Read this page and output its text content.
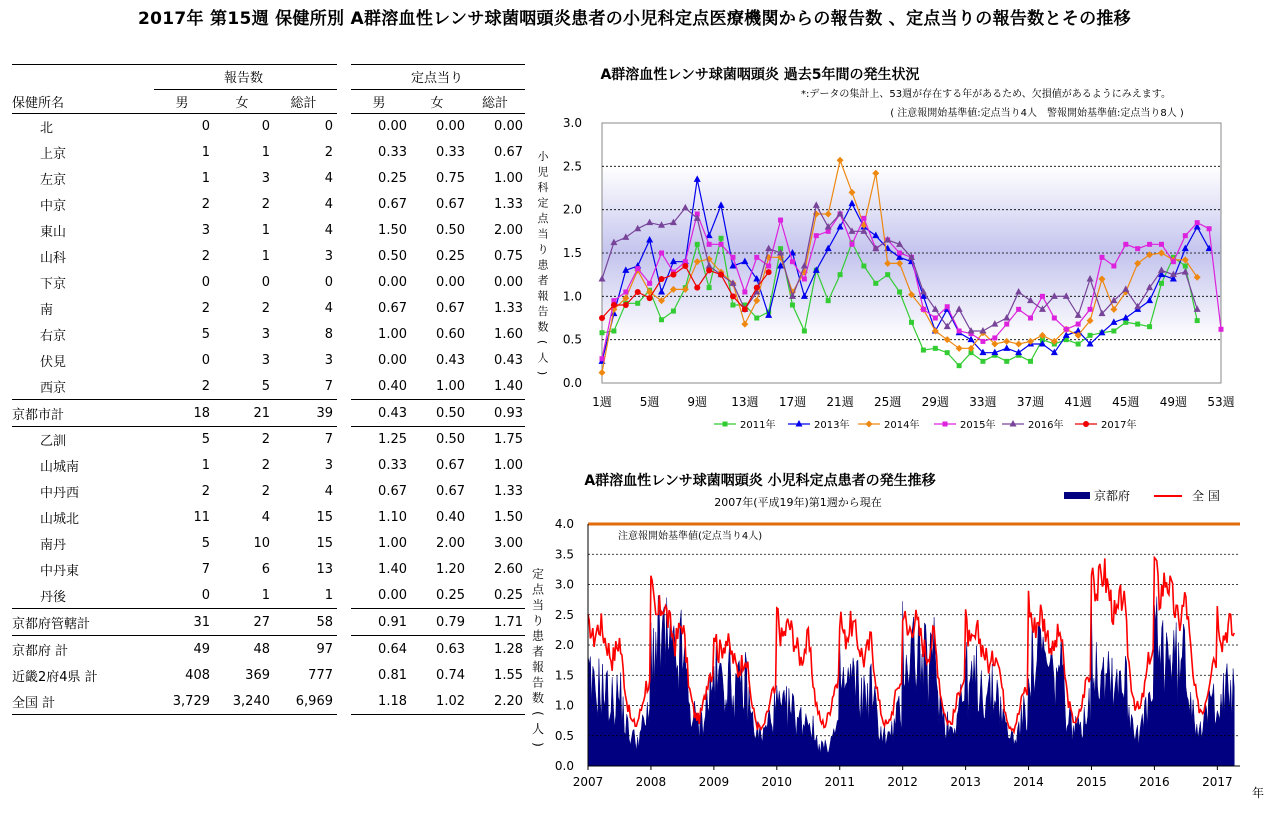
2017年 第15週 保健所別 A群溶血性レンサ球菌咽頭炎患者の小児科定点医療機関からの報告数 、定点当りの報告数とその推移
	報告数				定点当り		
保健所名	男	女	総計		男	女	総計
北	0	0	0		0.00	0.00	0.00
上京	1	1	2		0.33	0.33	0.67
左京	1	3	4		0.25	0.75	1.00
中京	2	2	4		0.67	0.67	1.33
東山	3	1	4		1.50	0.50	2.00
山科	2	1	3		0.50	0.25	0.75
下京	0	0	0		0.00	0.00	0.00
南	2	2	4		0.67	0.67	1.33
右京	5	3	8		1.00	0.60	1.60
伏見	0	3	3		0.00	0.43	0.43
西京	2	5	7		0.40	1.00	1.40
京都市計	18	21	39		0.43	0.50	0.93
乙訓	5	2	7		1.25	0.50	1.75
山城南	1	2	3		0.33	0.67	1.00
中丹西	2	2	4		0.67	0.67	1.33
山城北	11	4	15		1.10	0.40	1.50
南丹	5	10	15		1.00	2.00	3.00
中丹東	7	6	13		1.40	1.20	2.60
丹後	0	1	1		0.00	0.25	0.25
京都府管轄計	31	27	58		0.91	0.79	1.71
京都府 計	49	48	97		0.64	0.63	1.28
近畿2府4県 計	408	369	777		0.81	0.74	1.55
全国 計	3,729	3,240	6,969		1.18	1.02	2.20
A群溶血性レンサ球菌咽頭炎 過去5年間の発生状況
*:データの集計上、53週が存在する年があるため、欠損値があるようにみえます。
( 注意報開始基準値:定点当り4人　警報開始基準値:定点当り8人 )
0.0
0.5
1.0
1.5
2.0
2.5
3.0
1週 5週 9週 13週 17週 21週 25週 29週 33週 37週 41週 45週 49週 53週
小
児
科
定
点
当
り
患
者
報
告
数
(
人
)
2011年	2013年	2014年	2015年	2016年	2017年
A群溶血性レンサ球菌咽頭炎 小児科定点患者の発生推移
2007年(平成19年)第1週から現在	京都府	全 国
0.0
0.5
1.0
1.5
2.0
2.5
3.0
3.5
4.0
注意報開始基準値(定点当り4人)
2007	2008	2009	2010	2011	2012	2013	2014	2015	2016	2017
年
定
点
当
り
患
者
報
告
数
(
人
)
